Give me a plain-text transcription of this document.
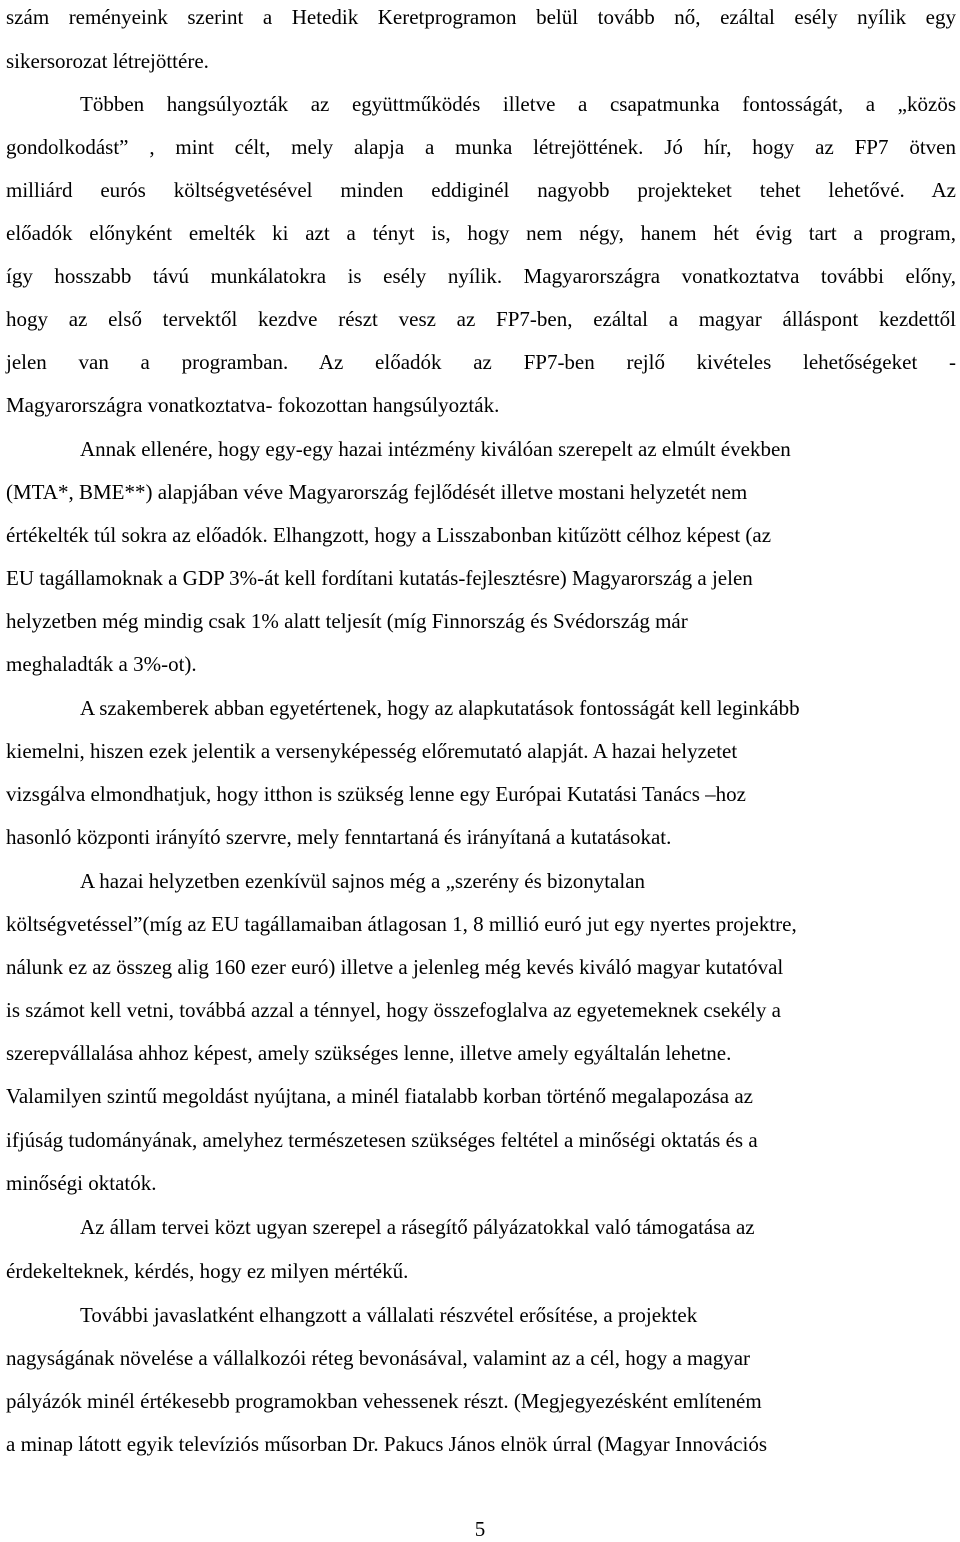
szám reményeink szerint a Hetedik Keretprogramon belül tovább nő, ezáltal esély nyílik egy
sikersorozat létrejöttére.
Többen hangsúlyozták az együttműködés illetve a csapatmunka fontosságát, a „közös
gondolkodást” , mint célt, mely alapja a munka létrejöttének. Jó hír, hogy az FP7 ötven
milliárd eurós költségvetésével minden eddiginél nagyobb projekteket tehet lehetővé. Az
előadók előnyként emelték ki azt a tényt is, hogy nem négy, hanem hét évig tart a program,
így hosszabb távú munkálatokra is esély nyílik. Magyarországra vonatkoztatva további előny,
hogy az első tervektől kezdve részt vesz az FP7-ben, ezáltal a magyar álláspont kezdettől
jelen van a programban. Az előadók az FP7-ben rejlő kivételes lehetőségeket -
Magyarországra vonatkoztatva- fokozottan hangsúlyozták.
Annak ellenére, hogy egy-egy hazai intézmény kiválóan szerepelt az elmúlt években
(MTA*, BME**) alapjában véve Magyarország fejlődését illetve mostani helyzetét nem
értékelték túl sokra az előadók. Elhangzott, hogy a Lisszabonban kitűzött célhoz képest (az
EU tagállamoknak a GDP 3%-át kell fordítani kutatás-fejlesztésre) Magyarország a jelen
helyzetben még mindig csak 1% alatt teljesít (míg Finnország és Svédország már
meghaladták a 3%-ot).
A szakemberek abban egyetértenek, hogy az alapkutatások fontosságát kell leginkább
kiemelni, hiszen ezek jelentik a versenyképesség előremutató alapját. A hazai helyzetet
vizsgálva elmondhatjuk, hogy itthon is szükség lenne egy Európai Kutatási Tanács –hoz
hasonló központi irányító szervre, mely fenntartaná és irányítaná a kutatásokat.
A hazai helyzetben ezenkívül sajnos még a „szerény és bizonytalan
költségvetéssel”(míg az EU tagállamaiban átlagosan 1, 8 millió euró jut egy nyertes projektre,
nálunk ez az összeg alig 160 ezer euró) illetve a jelenleg még kevés kiváló magyar kutatóval
is számot kell vetni, továbbá azzal a ténnyel, hogy összefoglalva az egyetemeknek csekély a
szerepvállalása ahhoz képest, amely szükséges lenne, illetve amely egyáltalán lehetne.
Valamilyen szintű megoldást nyújtana, a minél fiatalabb korban történő megalapozása az
ifjúság tudományának, amelyhez természetesen szükséges feltétel a minőségi oktatás és a
minőségi oktatók.
Az állam tervei közt ugyan szerepel a rásegítő pályázatokkal való támogatása az
érdekelteknek, kérdés, hogy ez milyen mértékű.
További javaslatként elhangzott a vállalati részvétel erősítése, a projektek
nagyságának növelése a vállalkozói réteg bevonásával, valamint az a cél, hogy a magyar
pályázók minél értékesebb programokban vehessenek részt. (Megjegyezésként említeném
a minap látott egyik televíziós műsorban Dr. Pakucs János elnök úrral (Magyar Innovációs
5
